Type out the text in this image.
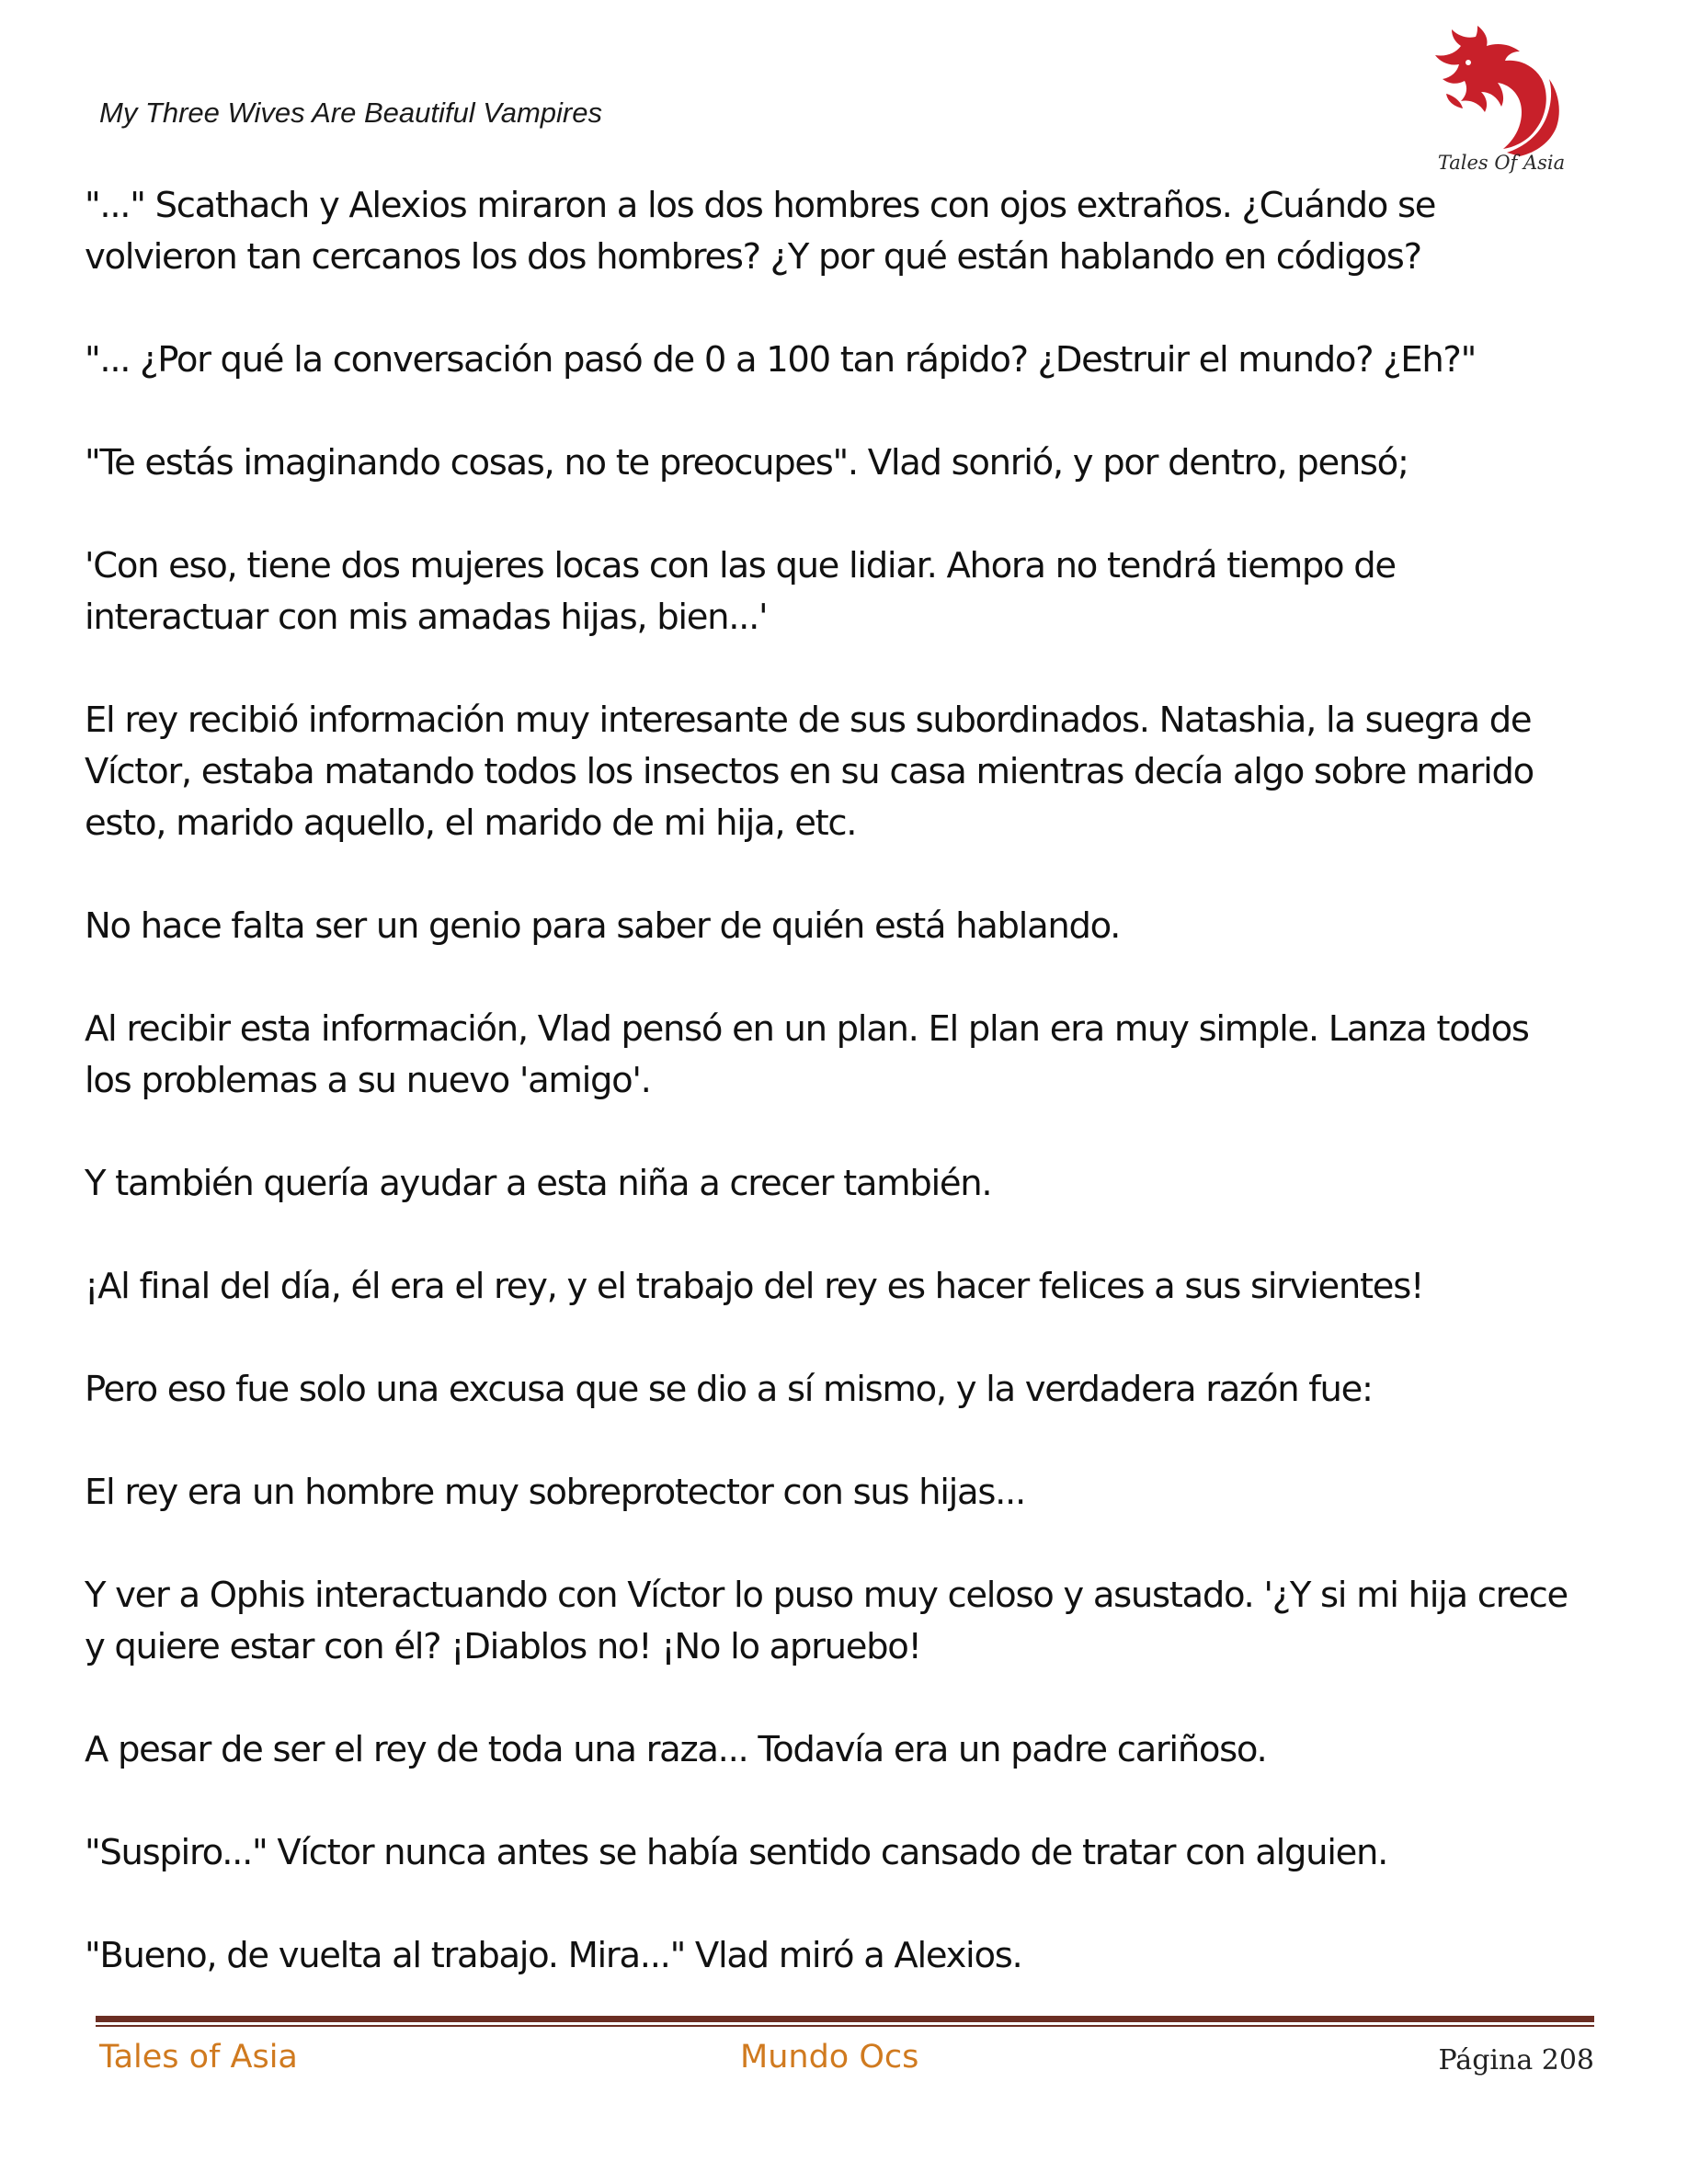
My Three Wives Are Beautiful Vampires
Tales Of Asia

"..." Scathach y Alexios miraron a los dos hombres con ojos extraños. ¿Cuándo se
volvieron tan cercanos los dos hombres? ¿Y por qué están hablando en códigos?

"... ¿Por qué la conversación pasó de 0 a 100 tan rápido? ¿Destruir el mundo? ¿Eh?"

"Te estás imaginando cosas, no te preocupes". Vlad sonrió, y por dentro, pensó;

'Con eso, tiene dos mujeres locas con las que lidiar. Ahora no tendrá tiempo de
interactuar con mis amadas hijas, bien...'

El rey recibió información muy interesante de sus subordinados. Natashia, la suegra de
Víctor, estaba matando todos los insectos en su casa mientras decía algo sobre marido
esto, marido aquello, el marido de mi hija, etc.

No hace falta ser un genio para saber de quién está hablando.

Al recibir esta información, Vlad pensó en un plan. El plan era muy simple. Lanza todos
los problemas a su nuevo 'amigo'.

Y también quería ayudar a esta niña a crecer también.

¡Al final del día, él era el rey, y el trabajo del rey es hacer felices a sus sirvientes!

Pero eso fue solo una excusa que se dio a sí mismo, y la verdadera razón fue:

El rey era un hombre muy sobreprotector con sus hijas...

Y ver a Ophis interactuando con Víctor lo puso muy celoso y asustado. '¿Y si mi hija crece
y quiere estar con él? ¡Diablos no! ¡No lo apruebo!

A pesar de ser el rey de toda una raza... Todavía era un padre cariñoso.

"Suspiro..." Víctor nunca antes se había sentido cansado de tratar con alguien.

"Bueno, de vuelta al trabajo. Mira..." Vlad miró a Alexios.

Tales of Asia	Mundo Ocs	Página 208
